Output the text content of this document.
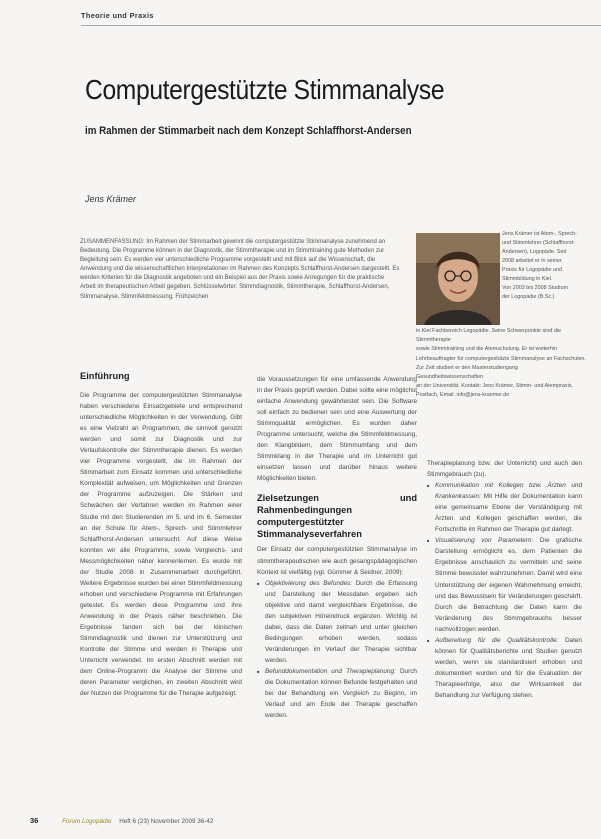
Theorie und Praxis
Computergestützte Stimmanalyse
im Rahmen der Stimmarbeit nach dem Konzept Schlaffhorst-Andersen
Jens Krämer
ZUSAMMENFASSUNG: Im Rahmen der Stimmarbeit gewinnt die computergestützte Stimmanalyse zunehmend an Bedeutung. Die Programme können in der Diagnostik, der Stimmtherapie und im Stimmtraining gute Methoden zur Begleitung sein. Es werden vier unterschiedliche Programme vorgestellt und mit Blick auf die Wissenschaft, die Anwendung und die wissenschaftlichen Interpretationen im Rahmen des Konzepts Schlaffhorst-Andersen dargestellt. Es werden Kriterien für die Diagnostik angeboten und ein Beispiel aus der Praxis sowie Anregungen für die praktische Arbeit im therapeutischen Arbeit gegeben. Schlüsselwörter: Stimmdiagnostik, Stimmtherapie, Schlaffhorst-Andersen, Stimmanalyse, Stimmfeldmessung, Frühzeichen
Jens Krämer ist Atem-, Sprech-
und Stimmlehrer (Schlaffhorst-
Andersen), Logopäde. Seit
2008 arbeitet er in seiner
Praxis für Logopädie und
Stimmbildung in Kiel.
Von 2003 bis 2008 Studium
der Logopädie (B.Sc.)
in Kiel Fachbereich Logopädie. Seine Schwerpunkte sind die Stimmtherapie
sowie Stimmtraining und die Atemschulung. Er ist weiterhin
Lehrbeauftragter für computergestützte Stimmanalyse an Fachschulen.
Zur Zeit studiert er den Masterstudiengang Gesundheitswissenschaften
an der Universität. Kontakt: Jens Krämer, Stimm- und Atempraxis,
Postfach, Email: info@jens-kraemer.de
Einführung
Die Programme der computergestützten Stimmanalyse haben verschiedene Einsatzgebiete und entsprechend unterschiedliche Möglichkeiten in der Verwendung. Gibt es eine Vielzahl an Programmen, die sinnvoll genutzt werden und somit zur Diagnostik und zur Verlaufskontrolle der Stimmtherapie dienen. Es werden vier Programme vorgestellt, die im Rahmen der Stimmarbeit zum Einsatz kommen und unterschiedliche Komplexität aufweisen, um Möglichkeiten und Grenzen der Programme aufzuzeigen. Die Stärken und Schwächen der Verfahren werden im Rahmen einer Studie mit den Studierenden im 5. und im 6. Semester an der Schule für Atem-, Sprech- und Stimmlehrer Schlaffhorst-Andersen untersucht. Auf diese Weise konnten wir alle Programme, sowie Vergleichs- und Messmöglichkeiten näher kennenlernen. Es wurde mit der Studie 2008 in Zusammenarbeit durchgeführt. Weitere Ergebnisse wurden bei einer Stimmfeldmessung erhoben und verschiedene Programme mit Erfahrungen getestet. Es werden diese Programme und ihre Anwendung in der Praxis näher beschrieben. Die Ergebnisse fanden sich bei der klinischen Stimmdiagnostik und dienen zur Unterstützung und Kontrolle der Stimme und werden in Therapie und Unterricht verwendet. Im ersten Abschnitt werden mit dem Online-Programm die Analyse der Stimme und deren Parameter verglichen, im zweiten Abschnitt wird der Nutzen der Programme für die Therapie aufgezeigt.
die Voraussetzungen für eine umfassende Anwendung in der Praxis geprüft werden. Dabei sollte eine möglichst einfache Anwendung gewährleistet sein. Die Software soll einfach zu bedienen sein und eine Auswertung der Stimmqualität ermöglichen. Es wurden daher Programme untersucht, welche die Stimmfeldmessung, den Klangbildern, dem Stimmumfang und dem Stimmklang in der Therapie und im Unterricht gut einsetzen lassen und darüber hinaus weitere Möglichkeiten bieten.
Zielsetzungen und Rahmenbedingungen computergestützter Stimmanalyseverfahren
Der Einsatz der computergestützten Stimmanalyse im stimmtherapeutischen wie auch gesangspädagogischen Kontext ist vielfältig (vgl. Gümmer & Seidner, 2009):
■ Objektivierung des Befundes: Durch die Erfassung und Darstellung der Messdaten ergeben sich objektive und damit vergleichbare Ergebnisse, die den subjektiven Höreindruck ergänzen. Wichtig ist dabei, dass die Daten zeitnah und unter gleichen Bedingungen erhoben werden, sodass Veränderungen im Verlauf der Therapie sichtbar werden.
■ Befunddokumentation und Therapieplanung: Durch die Dokumentation können Befunde festgehalten und bei der Behandlung ein Vergleich zu Beginn, im Verlauf und am Ende der Therapie geschaffen werden.
Therapieplanung bzw. der Unterricht) und auch den Stimmgebrauch (zu).
■ Kommunikation mit Kollegen bzw. Ärzten und Krankenkassen: Mit Hilfe der Dokumentation kann eine gemeinsame Ebene der Verständigung mit Ärzten und Kollegen geschaffen werden, die Fortschritte im Rahmen der Therapie gut darlegt.
■ Visualisierung von Parametern: Die grafische Darstellung ermöglicht es, dem Patienten die Ergebnisse anschaulich zu vermitteln und seine Stimme bewusster wahrzunehmen. Damit wird eine Unterstützung der eigenen Wahrnehmung erreicht, und das Bewusstsein für Veränderungen geschärft. Durch die Betrachtung der Daten kann die Veränderung des Stimmgebrauchs besser nachvollzogen werden.
■ Aufbereitung für die Qualitätskontrolle: Daten können für Qualitätsberichte und Studien genutzt werden, wenn sie standardisiert erhoben und dokumentiert wurden und für die Evaluation der Therapieerfolge, also der Wirksamkeit der Behandlung zur Verfügung stehen.
36	Forum Logopädie Heft 6 (23) November 2009 36-42
